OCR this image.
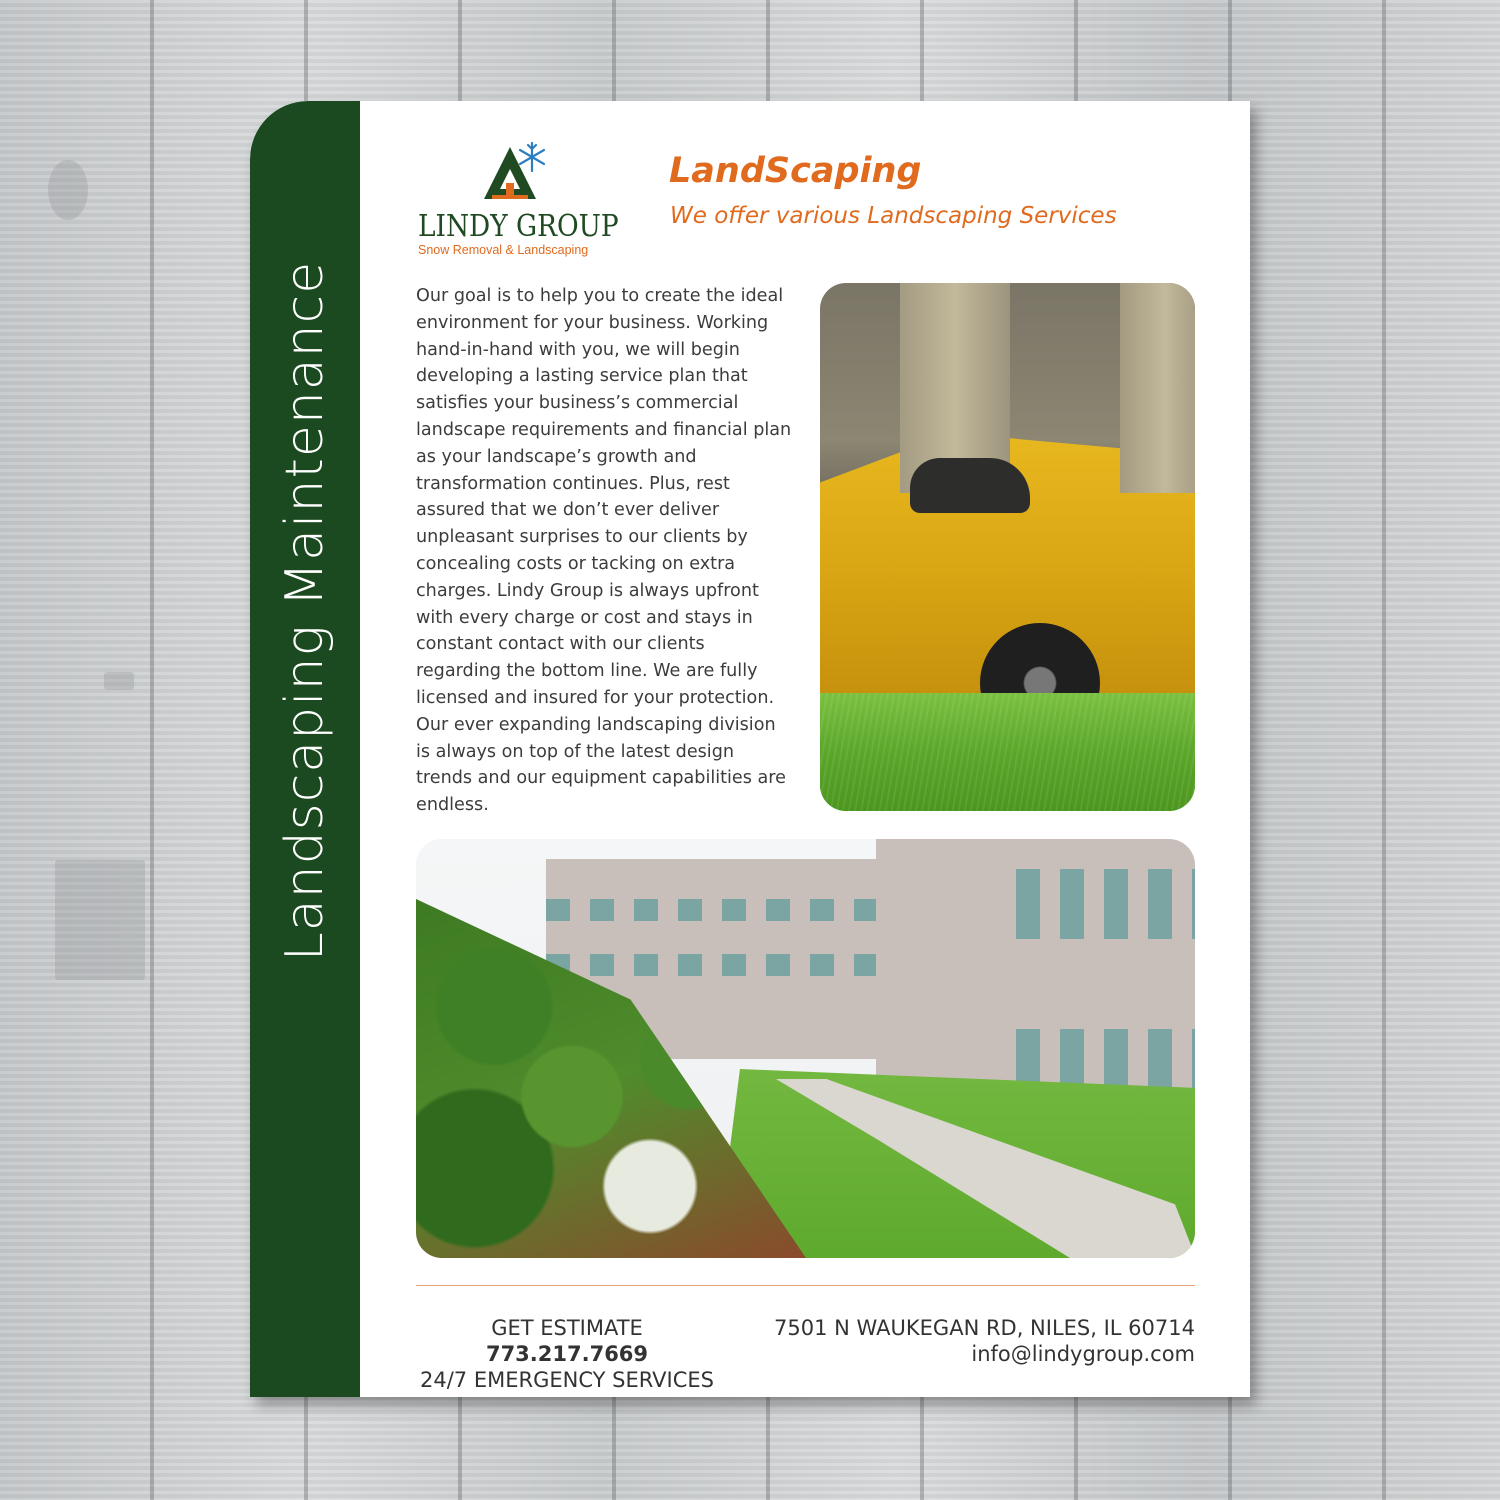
Landscaping Maintenance
LINDY GROUP
Snow Removal & Landscaping
LandScaping
We offer various Landscaping Services
Our goal is to help you to create the ideal environment for your business. Working hand-in-hand with you, we will begin developing a lasting service plan that satisfies your business’s commercial landscape requirements and financial plan as your landscape’s growth and transformation continues. Plus, rest assured that we don’t ever deliver unpleasant surprises to our clients by concealing costs or tacking on extra charges. Lindy Group is always upfront with every charge or cost and stays in constant contact with our clients regarding the bottom line. We are fully licensed and insured for your protection. Our ever expanding landscaping division is always on top of the latest design trends and our equipment capabilities are endless.
GET ESTIMATE 773.217.7669
24/7 EMERGENCY SERVICES
7501 N WAUKEGAN RD, NILES, IL 60714
info@lindygroup.com
